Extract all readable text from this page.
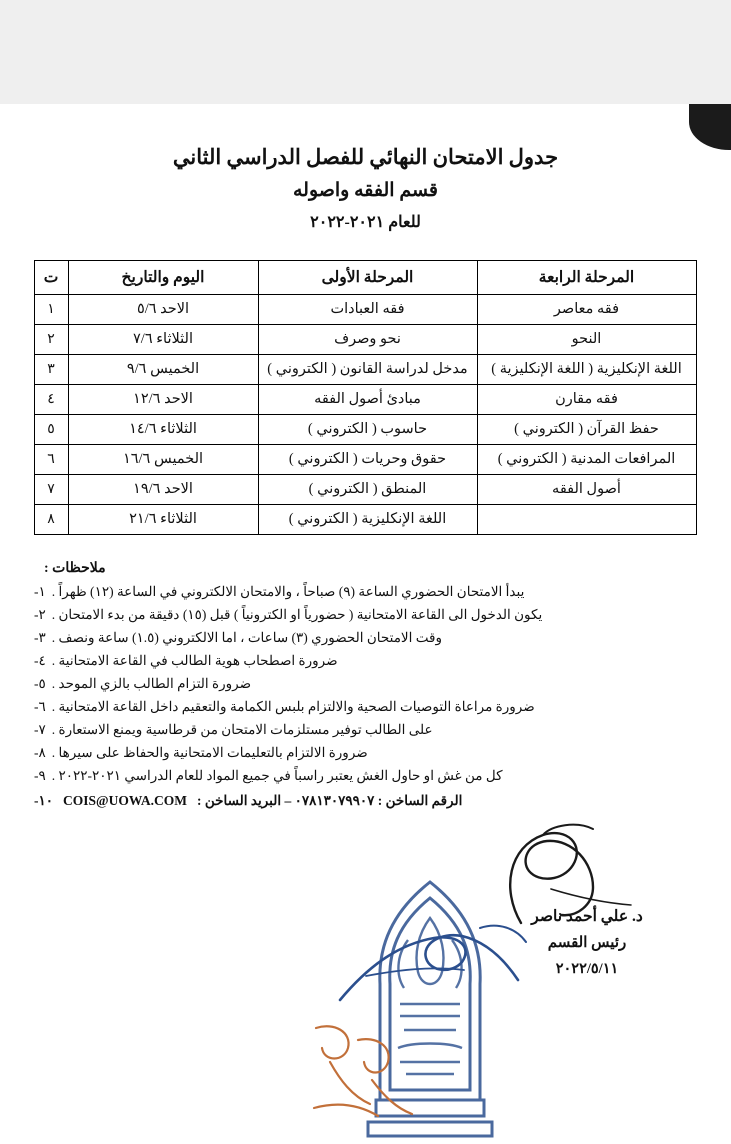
جدول الامتحان النهائي للفصل الدراسي الثاني
قسم الفقه واصوله
للعام ٢٠٢١-٢٠٢٢
المرحلة الرابعة	المرحلة الأولى	اليوم والتاريخ	ت
فقه معاصر	فقه العبادات	الاحد ٥/٦	١
النحو	نحو وصرف	الثلاثاء ٧/٦	٢
اللغة الإنكليزية ( اللغة الإنكليزية )	مدخل لدراسة القانون ( الكتروني )	الخميس ٩/٦	٣
فقه مقارن	مبادئ أصول الفقه	الاحد ١٢/٦	٤
حفظ القرآن ( الكتروني )	حاسوب ( الكتروني )	الثلاثاء ١٤/٦	٥
المرافعات المدنية ( الكتروني )	حقوق وحريات ( الكتروني )	الخميس ١٦/٦	٦
أصول الفقه	المنطق ( الكتروني )	الاحد ١٩/٦	٧
	اللغة الإنكليزية ( الكتروني )	الثلاثاء ٢١/٦	٨
ملاحظات :
يبدأ الامتحان الحضوري الساعة (٩) صباحاً ، والامتحان الالكتروني في الساعة (١٢) ظهراً .
١-
يكون الدخول الى القاعة الامتحانية ( حضورياً او الكترونياً ) قبل (١٥) دقيقة من بدء الامتحان .
٢-
وقت الامتحان الحضوري (٣) ساعات ، اما الالكتروني (١.٥) ساعة ونصف .
٣-
ضرورة اصطحاب هوية الطالب في القاعة الامتحانية .
٤-
ضرورة التزام الطالب بالزي الموحد .
٥-
ضرورة مراعاة التوصيات الصحية والالتزام بلبس الكمامة والتعقيم داخل القاعة الامتحانية .
٦-
على الطالب توفير مستلزمات الامتحان من قرطاسية ويمنع الاستعارة .
٧-
ضرورة الالتزام بالتعليمات الامتحانية والحفاظ على سيرها .
٨-
كل من غش او حاول الغش يعتبر راسباً في جميع المواد للعام الدراسي ٢٠٢١-٢٠٢٢ .
٩-
الرقم الساخن : ٠٧٨١٣٠٧٩٩٠٧ – البريد الساخن :
COIS@UOWA.COM
١٠-
د. علي أحمد ناصر
رئيس القسم
٢٠٢٢/٥/١١
